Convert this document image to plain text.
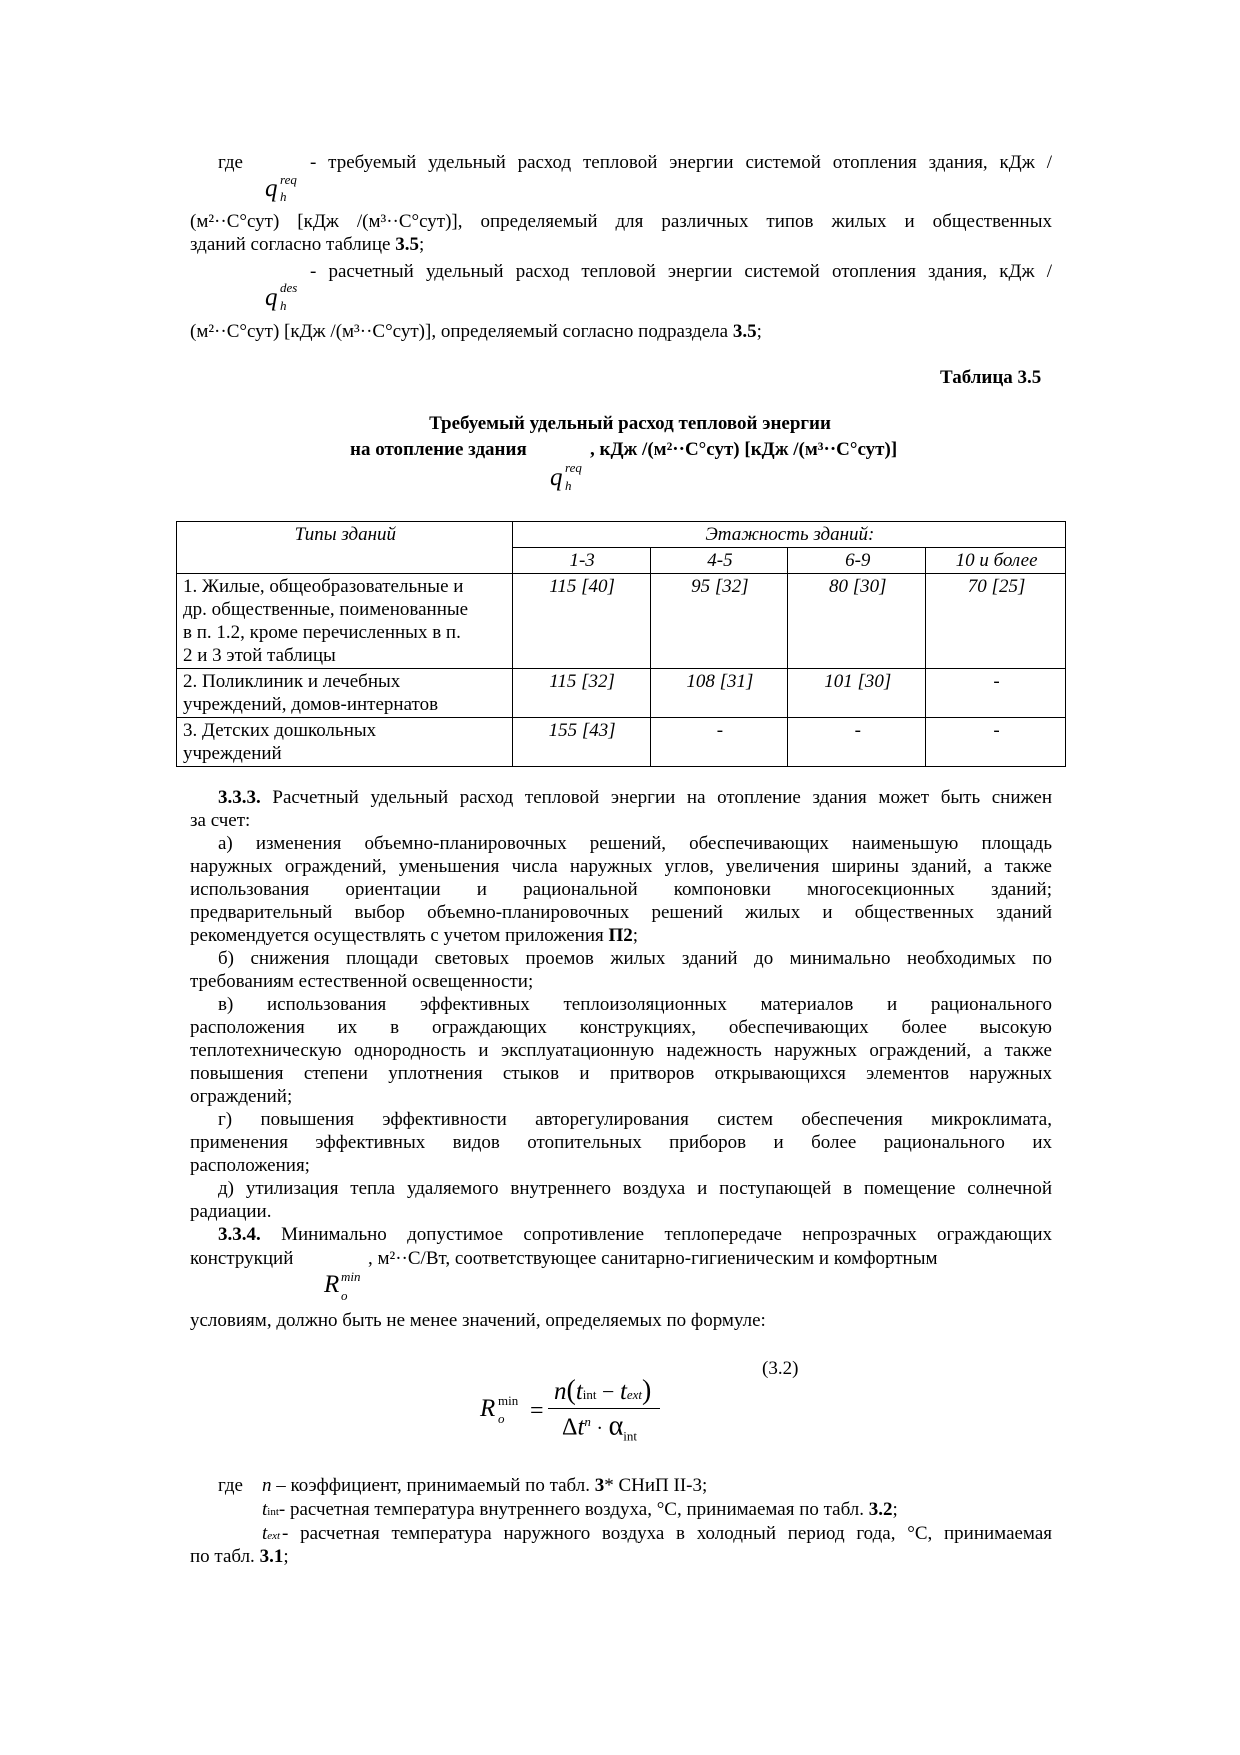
где
q req
h
- требуемый удельный расход тепловой энергии системой отопления здания, кДж /
(м²··С°сут) [кДж /(м³··С°сут)], определяемый для различных типов жилых и общественных
зданий согласно таблице 3.5;
q des
h
- расчетный удельный расход тепловой энергии системой отопления здания, кДж /
(м²··С°сут) [кДж /(м³··С°сут)], определяемый согласно подраздела 3.5;
Таблица 3.5
Требуемый удельный расход тепловой энергии
на отопление здания	, кДж /(м²··С°сут) [кДж /(м³··С°сут)]
q req
h
Типы зданий	Этажность зданий:			
	1-3	4-5	6-9	10 и более

1. Жилые, общеобразовательные и
др. общественные, поименованные
в п. 1.2, кроме перечисленных в п.
2 и 3 этой таблицы	115 [40]	95 [32]	80 [30]	70 [25]

2. Поликлиник и лечебных
учреждений, домов-интернатов	115 [32]	108 [31]	101 [30]	-

3. Детских дошкольных
учреждений	155 [43]	-	-	-
3.3.3. Расчетный удельный расход тепловой энергии на отопление здания может быть снижен
за счет:
а) изменения объемно-планировочных решений, обеспечивающих наименьшую площадь
наружных ограждений, уменьшения числа наружных углов, увеличения ширины зданий, а также
использования ориентации и рациональной компоновки многосекционных зданий;
предварительный выбор объемно-планировочных решений жилых и общественных зданий
рекомендуется осуществлять с учетом приложения П2;
б) снижения площади световых проемов жилых зданий до минимально необходимых по
требованиям естественной освещенности;
в) использования эффективных теплоизоляционных материалов и рационального
расположения их в ограждающих конструкциях, обеспечивающих более высокую
теплотехническую однородность и эксплуатационную надежность наружных ограждений, а также
повышения степени уплотнения стыков и притворов открывающихся элементов наружных
ограждений;
г) повышения эффективности авторегулирования систем обеспечения микроклимата,
применения эффективных видов отопительных приборов и более рационального их
расположения;
д) утилизация тепла удаляемого внутреннего воздуха и поступающей в помещение солнечной
радиации.
3.3.4. Минимально допустимое сопротивление теплопередаче непрозрачных ограждающих
конструкций	, м²··С/Вт, соответствующее санитарно-гигиеническим и комфортным
R min
o
условиям, должно быть не менее значений, определяемых по формуле:
(3.2)
R min
o =
n(tint − text)
$\Delta t^n \cdot \alpha_{int}$
где n – коэффициент, принимаемый по табл. 3* СНиП II-3;
tint- расчетная температура внутреннего воздуха, °С, принимаемая по табл. 3.2;
text - расчетная температура наружного воздуха в холодный период года, °С, принимаемая
по табл. 3.1;
